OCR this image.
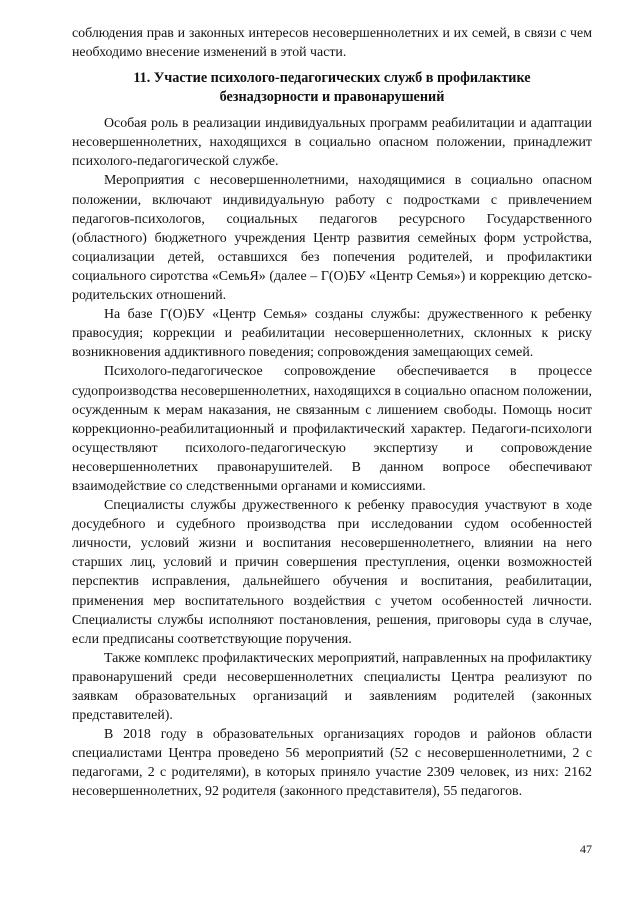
соблюдения прав и законных интересов несовершеннолетних и их семей, в связи с чем необходимо внесение изменений в этой части.

11. Участие психолого-педагогических служб в профилактике безнадзорности и правонарушений

Особая роль в реализации индивидуальных программ реабилитации и адаптации несовершеннолетних, находящихся в социально опасном положении, принадлежит психолого-педагогической службе.

Мероприятия с несовершеннолетними, находящимися в социально опасном положении, включают индивидуальную работу с подростками с привлечением педагогов-психологов, социальных педагогов ресурсного Государственного (областного) бюджетного учреждения Центр развития семейных форм устройства, социализации детей, оставшихся без попечения родителей, и профилактики социального сиротства «СемьЯ» (далее – Г(О)БУ «Центр Семья») и коррекцию детско-родительских отношений.

На базе Г(О)БУ «Центр Семья» созданы службы: дружественного к ребенку правосудия; коррекции и реабилитации несовершеннолетних, склонных к риску возникновения аддиктивного поведения; сопровождения замещающих семей.

Психолого-педагогическое сопровождение обеспечивается в процессе судопроизводства несовершеннолетних, находящихся в социально опасном положении, осужденным к мерам наказания, не связанным с лишением свободы. Помощь носит коррекционно-реабилитационный и профилактический характер. Педагоги-психологи осуществляют психолого-педагогическую экспертизу и сопровождение несовершеннолетних правонарушителей. В данном вопросе обеспечивают взаимодействие со следственными органами и комиссиями.

Специалисты службы дружественного к ребенку правосудия участвуют в ходе досудебного и судебного производства при исследовании судом особенностей личности, условий жизни и воспитания несовершеннолетнего, влиянии на него старших лиц, условий и причин совершения преступления, оценки возможностей перспектив исправления, дальнейшего обучения и воспитания, реабилитации, применения мер воспитательного воздействия с учетом особенностей личности. Специалисты службы исполняют постановления, решения, приговоры суда в случае, если предписаны соответствующие поручения.

Также комплекс профилактических мероприятий, направленных на профилактику правонарушений среди несовершеннолетних специалисты Центра реализуют по заявкам образовательных организаций и заявлениям родителей (законных представителей).

В 2018 году в образовательных организациях городов и районов области специалистами Центра проведено 56 мероприятий (52 с несовершеннолетними, 2 с педагогами, 2 с родителями), в которых приняло участие 2309 человек, из них: 2162 несовершеннолетних, 92 родителя (законного представителя), 55 педагогов.

47
